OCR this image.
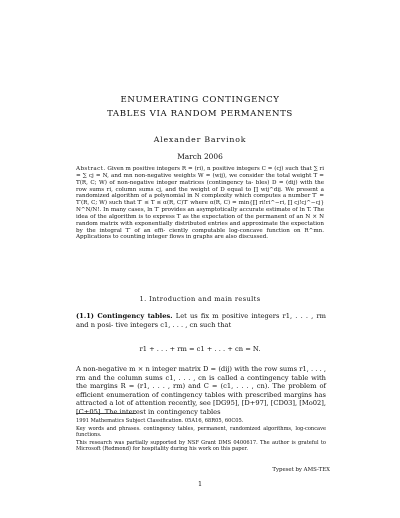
ENUMERATING CONTINGENCY
TABLES VIA RANDOM PERMANENTS
Alexander Barvinok
March 2006
Abstract. Given m positive integers R = (ri), n positive integers C = (cj) such that ∑ ri = ∑ cj = N, and mn non-negative weights W = (wij), we consider the total weight T = T(R, C; W) of non-negative integer matrices (contingency ta- bles) D = (dij) with the row sums ri, column sums cj, and the weight of D equal to ∏ wij^dij. We present a randomized algorithm of a polynomial in N complexity which computes a number T′ = T′(R, C; W) such that T′ ≤ T ≤ α(R, C)T′ where α(R, C) = min{∏ ri!ri^−ri, ∏ cj!cj^−cj} N^N/N!. In many cases, ln T′ provides an asymptotically accurate estimate of ln T. The idea of the algorithm is to express T as the expectation of the permanent of an N × N random matrix with exponentially distributed entries and approximate the expectation by the integral T′ of an effi- ciently computable log-concave function on R^mn. Applications to counting integer flows in graphs are also discussed.
1. Introduction and main results
(1.1) Contingency tables. Let us fix m positive integers r1, . . . , rm and n posi- tive integers c1, . . . , cn such that
r1 + . . . + rm = c1 + . . . + cn = N.
A non-negative m × n integer matrix D = (dij) with the row sums r1, . . . , rm and the column sums c1, . . . , cn is called a contingency table with the margins R = (r1, . . . , rm) and C = (c1, . . . , cn). The problem of efficient enumeration of contingency tables with prescribed margins has attracted a lot of attention recently, see [DG95], [D+97], [CD03], [Mo02], [C+05]. The interest in contingency tables

1991 Mathematics Subject Classification. 05A16, 68R05, 60C05.

Key words and phrases. contingency tables, permanent, randomized algorithms, log-concave functions.

This research was partially supported by NSF Grant DMS 0400617. The author is grateful to Microsoft (Redmond) for hospitality during his work on this paper.

Typeset by AMS-TEX
1
